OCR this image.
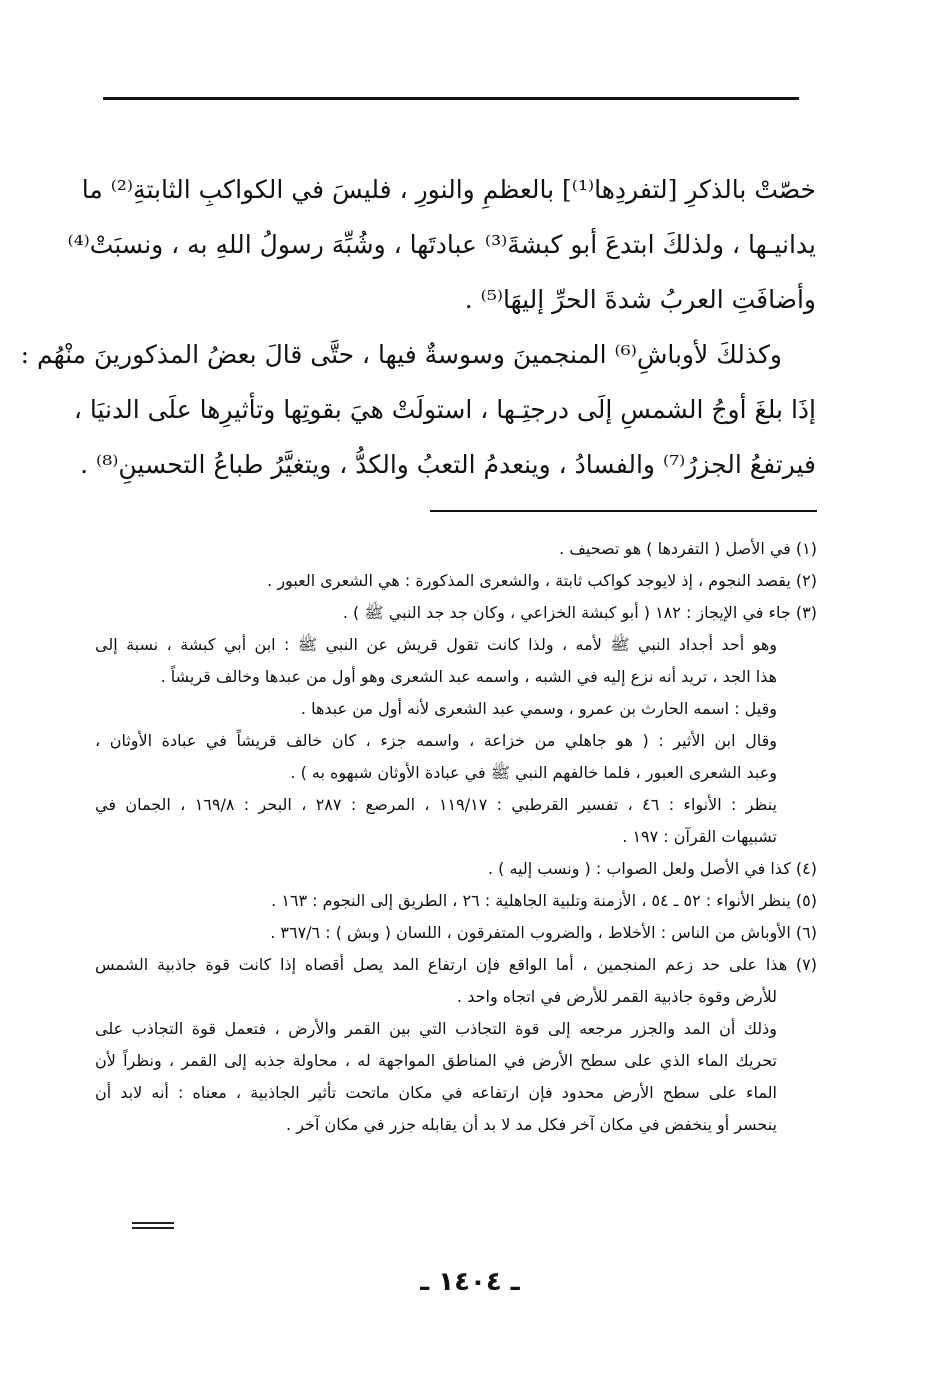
خصّتْ بالذكرِ [لتفردِها⁽¹⁾] بالعظمِ والنورِ ، فليسَ في الكواكبِ الثابتةِ⁽²⁾ ما
يدانيـها ، ولذلكَ ابتدعَ أبو كبشةَ⁽³⁾ عبادتَها ، وشُبِّهَ رسولُ اللهِ به ، ونسبَتْ⁽⁴⁾
وأضافَتِ العربُ شدةَ الحرِّ إليهَا⁽⁵⁾ .
وكذلكَ لأوباشِ⁽⁶⁾ المنجمينَ وسوسةٌ فيها ، حتَّى قالَ بعضُ المذكورينَ منْهُم :
إذَا بلغَ أوجُ الشمسِ إلَى درجتِـها ، استولَتْ هيَ بقوتِها وتأثيرِها علَى الدنيَا ،
فيرتفعُ الجزرُ⁽⁷⁾ والفسادُ ، وينعدمُ التعبُ والكدُّ ، ويتغيَّرُ طباعُ التحسينِ⁽⁸⁾ .
(١) في الأصل ( التفردها ) هو تصحيف .
(٢) يقصد النجوم ، إذ لايوجد كواكب ثابتة ، والشعرى المذكورة : هي الشعرى العبور .
(٣) جاء في الإيجاز : ١٨٢ ( أبو كبشة الخزاعي ، وكان جد جد النبي ﷺ ) .
وهو أحد أجداد النبي ﷺ لأمه ، ولذا كانت تقول قريش عن النبي ﷺ : ابن أبي كبشة ، نسبة إلى
هذا الجد ، تريد أنه نزع إليه في الشبه ، واسمه عبد الشعرى وهو أول من عبدها وخالف قريشاً .
وقيل : اسمه الحارث بن عمرو ، وسمي عبد الشعرى لأنه أول من عبدها .
وقال ابن الأثير : ( هو جاهلي من خزاعة ، واسمه جزء ، كان خالف قريشاً في عبادة الأوثان ،
وعبد الشعرى العبور ، فلما خالفهم النبي ﷺ في عبادة الأوثان شبهوه به ) .
ينظر : الأنواء : ٤٦ ، تفسير القرطبي : ١١٩/١٧ ، المرصع : ٢٨٧ ، البحر : ١٦٩/٨ ، الجمان في
تشبيهات القرآن : ١٩٧ .
(٤) كذا في الأصل ولعل الصواب : ( ونسب إليه ) .
(٥) ينظر الأنواء : ٥٢ ـ ٥٤ ، الأزمنة وتلبية الجاهلية : ٢٦ ، الطريق إلى النجوم : ١٦٣ .
(٦) الأوباش من الناس : الأخلاط ، والضروب المتفرقون ، اللسان ( وبش ) : ٣٦٧/٦ .
(٧) هذا على حد زعم المنجمين ، أما الواقع فإن ارتفاع المد يصل أقصاه إذا كانت قوة جاذبية الشمس
للأرض وقوة جاذبية القمر للأرض في اتجاه واحد .
وذلك أن المد والجزر مرجعه إلى قوة التجاذب التي بين القمر والأرض ، فتعمل قوة التجاذب على
تحريك الماء الذي على سطح الأرض في المناطق المواجهة له ، محاولة جذبه إلى القمر ، ونظراً لأن
الماء على سطح الأرض محدود فإن ارتفاعه في مكان ماتحت تأثير الجاذبية ، معناه : أنه لابد أن
ينحسر أو ينخفض في مكان آخر فكل مد لا بد أن يقابله جزر في مكان آخر .
ـ ١٤٠٤ ـ
